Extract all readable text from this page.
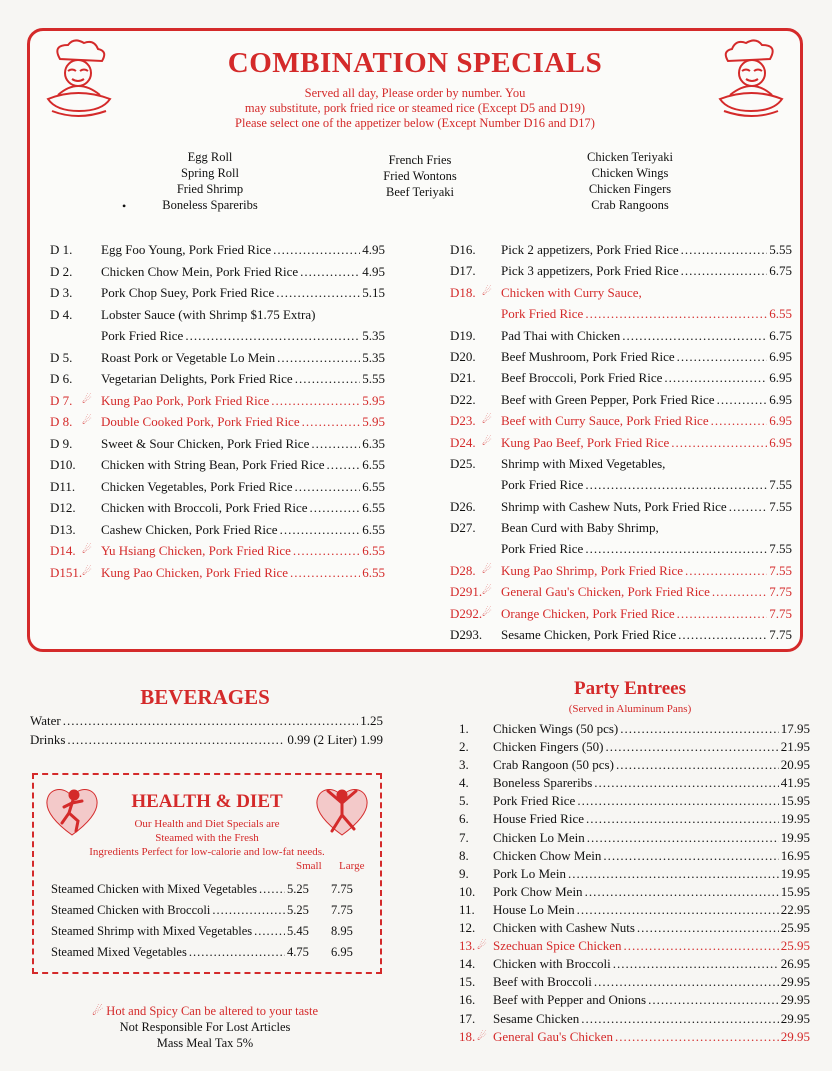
COMBINATION SPECIALS
Served all day, Please order by number. You
may substitute, pork fried rice or steamed rice (Except D5 and D19)
Please select one of the appetizer below (Except Number D16 and D17)
Egg Roll
Spring Roll
Fried Shrimp
Boneless Spareribs
•
French Fries
Fried Wontons
Beef Teriyaki
Chicken Teriyaki
Chicken Wings
Chicken Fingers
Crab Rangoons
D 1.	Egg Foo Young, Pork Fried Rice .....	4.95
D 2.	Chicken Chow Mein, Pork Fried Rice .....	4.95
D 3.	Pork Chop Suey, Pork Fried Rice .....	5.15
D 4.	Lobster Sauce (with Shrimp $1.75 Extra)
Pork Fried Rice .....	5.35
D 5.	Roast Pork or Vegetable Lo Mein .....	5.35
D 6.	Vegetarian Delights, Pork Fried Rice .....	5.55
D 7. ☄︎ Kung Pao Pork, Pork Fried Rice .....	5.95
D 8. ☄︎ Double Cooked Pork, Pork Fried Rice .....	5.95
D 9.	Sweet & Sour Chicken, Pork Fried Rice .....	6.35
D10.	Chicken with String Bean, Pork Fried Rice .....	6.55
D11.	Chicken Vegetables, Pork Fried Rice .....	6.55
D12.	Chicken with Broccoli, Pork Fried Rice .....	6.55
D13.	Cashew Chicken, Pork Fried Rice .....	6.55
D14. ☄︎ Yu Hsiang Chicken, Pork Fried Rice .....	6.55
D151. ☄︎ Kung Pao Chicken, Pork Fried Rice .....	6.55
D16.	Pick 2 appetizers, Pork Fried Rice .....	5.55
D17.	Pick 3 appetizers, Pork Fried Rice .....	6.75
D18. ☄︎ Chicken with Curry Sauce,
Pork Fried Rice .....	6.55
D19.	Pad Thai with Chicken .....	6.75
D20.	Beef Mushroom, Pork Fried Rice .....	6.95
D21.	Beef Broccoli, Pork Fried Rice .....	6.95
D22.	Beef with Green Pepper, Pork Fried Rice .....	6.95
D23. ☄︎ Beef with Curry Sauce, Pork Fried Rice .....	6.95
D24. ☄︎ Kung Pao Beef, Pork Fried Rice .....	6.95
D25.	Shrimp with Mixed Vegetables,
Pork Fried Rice .....	7.55
D26.	Shrimp with Cashew Nuts, Pork Fried Rice .....	7.55
D27.	Bean Curd with Baby Shrimp,
Pork Fried Rice .....	7.55
D28. ☄︎ Kung Pao Shrimp, Pork Fried Rice .....	7.55
D291. ☄︎ General Gau's Chicken, Pork Fried Rice .....	7.75
D292. ☄︎ Orange Chicken, Pork Fried Rice .....	7.75
D293.	Sesame Chicken, Pork Fried Rice .....	7.75
BEVERAGES
Water .....	1.25
Drinks .....	0.99 (2 Liter) 1.99
HEALTH & DIET
Our Health and Diet Specials are
Steamed with the Fresh
Ingredients Perfect for low-calorie and low-fat needs.
Small Large
Steamed Chicken with Mixed Vegetables ..... 5.25	7.75
Steamed Chicken with Broccoli .....	5.25	7.75
Steamed Shrimp with Mixed Vegetables .....	5.45	8.95
Steamed Mixed Vegetables .....	4.75	6.95
☄︎ Hot and Spicy Can be altered to your taste
Not Responsible For Lost Articles
Mass Meal Tax 5%
Party Entrees
(Served in Aluminum Pans)
1. Chicken Wings (50 pcs) .....	17.95
2. Chicken Fingers (50) .....	21.95
3. Crab Rangoon (50 pcs) .....	20.95
4. Boneless Spareribs .....	41.95
5. Pork Fried Rice .....	15.95
6. House Fried Rice .....	19.95
7. Chicken Lo Mein .....	19.95
8. Chicken Chow Mein .....	16.95
9. Pork Lo Mein .....	19.95
10. Pork Chow Mein .....	15.95
11. House Lo Mein .....	22.95
12. Chicken with Cashew Nuts .....	25.95
13. ☄︎ Szechuan Spice Chicken .....	25.95
14. Chicken with Broccoli .....	26.95
15. Beef with Broccoli .....	29.95
16. Beef with Pepper and Onions .....	29.95
17. Sesame Chicken .....	29.95
18. ☄︎ General Gau's Chicken .....	29.95
